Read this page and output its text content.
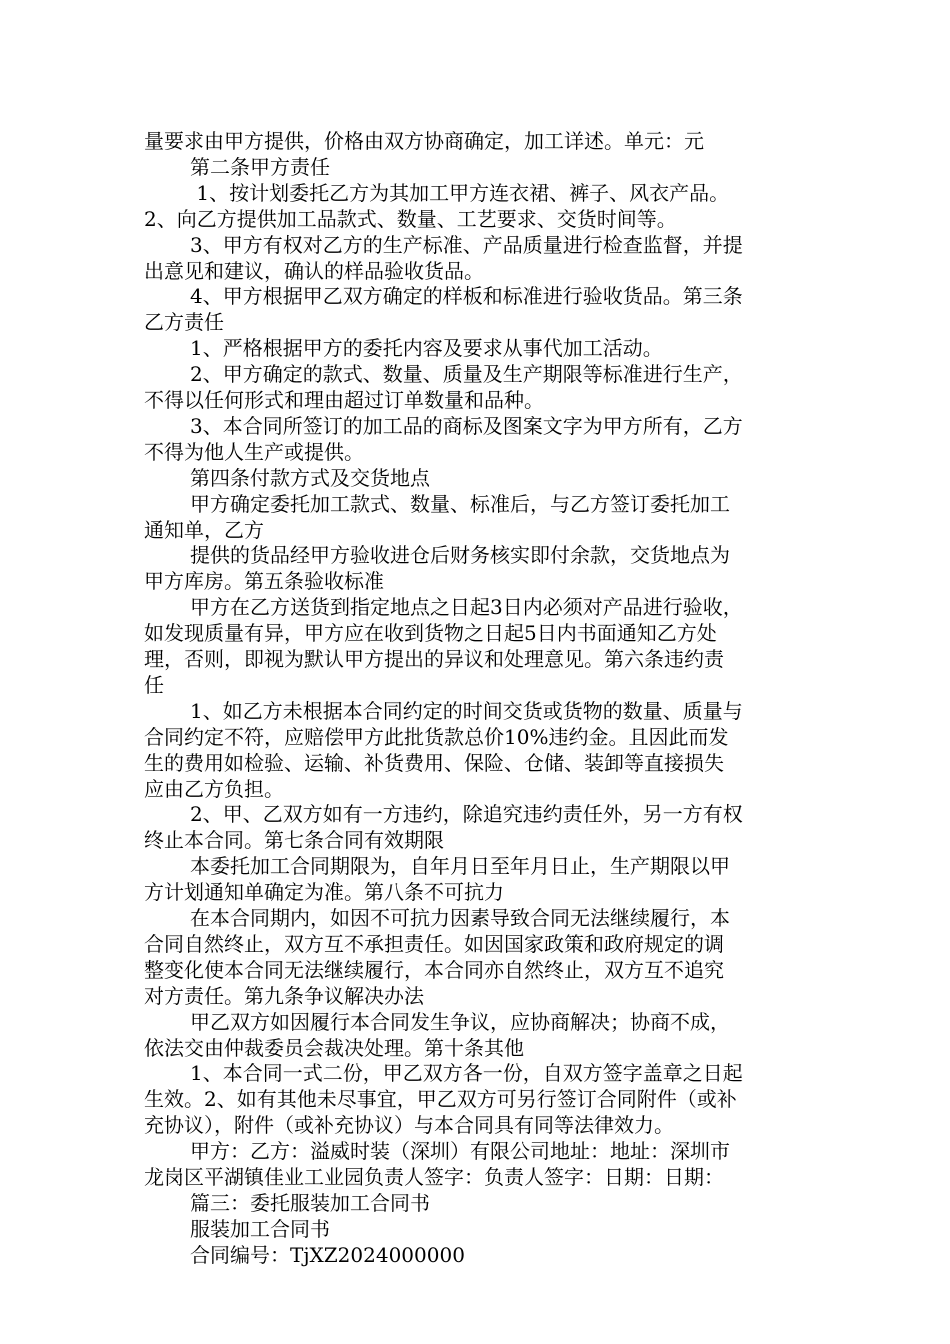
量要求由甲方提供，价格由双方协商确定，加工详述。单元：元
第二条甲方责任
1、按计划委托乙方为其加工甲方连衣裙、裤子、风衣产品。
2、向乙方提供加工品款式、数量、工艺要求、交货时间等。
3、甲方有权对乙方的生产标准、产品质量进行检查监督，并提
出意见和建议，确认的样品验收货品。
4、甲方根据甲乙双方确定的样板和标准进行验收货品。第三条
乙方责任
1、严格根据甲方的委托内容及要求从事代加工活动。
2、甲方确定的款式、数量、质量及生产期限等标准进行生产，
不得以任何形式和理由超过订单数量和品种。
3、本合同所签订的加工品的商标及图案文字为甲方所有，乙方
不得为他人生产或提供。
第四条付款方式及交货地点
甲方确定委托加工款式、数量、标准后，与乙方签订委托加工
通知单，乙方
提供的货品经甲方验收进仓后财务核实即付余款，交货地点为
甲方库房。第五条验收标准
甲方在乙方送货到指定地点之日起3日内必须对产品进行验收，
如发现质量有异，甲方应在收到货物之日起5日内书面通知乙方处
理，否则，即视为默认甲方提出的异议和处理意见。第六条违约责
任
1、如乙方未根据本合同约定的时间交货或货物的数量、质量与
合同约定不符，应赔偿甲方此批货款总价10%违约金。且因此而发
生的费用如检验、运输、补货费用、保险、仓储、装卸等直接损失
应由乙方负担。
2、甲、乙双方如有一方违约，除追究违约责任外，另一方有权
终止本合同。第七条合同有效期限
本委托加工合同期限为，自年月日至年月日止，生产期限以甲
方计划通知单确定为准。第八条不可抗力
在本合同期内，如因不可抗力因素导致合同无法继续履行，本
合同自然终止，双方互不承担责任。如因国家政策和政府规定的调
整变化使本合同无法继续履行，本合同亦自然终止，双方互不追究
对方责任。第九条争议解决办法
甲乙双方如因履行本合同发生争议，应协商解决；协商不成，
依法交由仲裁委员会裁决处理。第十条其他
1、本合同一式二份，甲乙双方各一份，自双方签字盖章之日起
生效。2、如有其他未尽事宜，甲乙双方可另行签订合同附件（或补
充协议），附件（或补充协议）与本合同具有同等法律效力。
甲方：乙方：溢威时装（深圳）有限公司地址：地址：深圳市
龙岗区平湖镇佳业工业园负责人签字：负责人签字：日期：日期：
篇三：委托服装加工合同书
服装加工合同书
合同编号：TjXZ2024000000
